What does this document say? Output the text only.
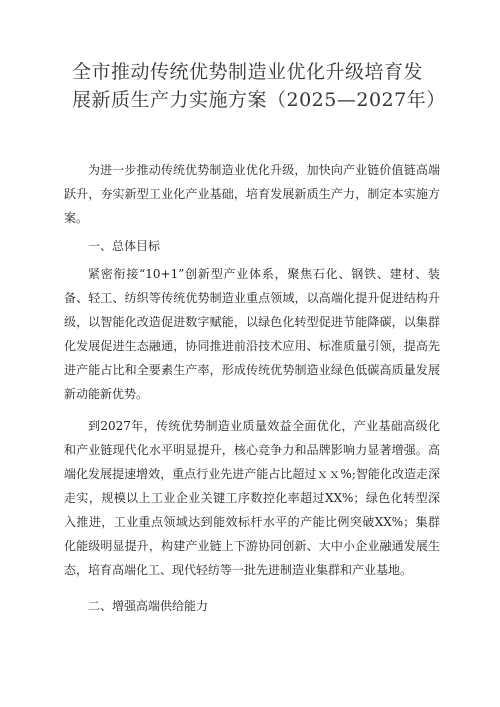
全市推动传统优势制造业优化升级培育发展新质生产力实施方案（2025—2027年）

为进一步推动传统优势制造业优化升级，加快向产业链价值链高端跃升，夯实新型工业化产业基础，培育发展新质生产力，制定本实施方案。

一、总体目标

紧密衔接“10+1”创新型产业体系，聚焦石化、钢铁、建材、装备、轻工、纺织等传统优势制造业重点领域，以高端化提升促进结构升级，以智能化改造促进数字赋能，以绿色化转型促进节能降碳，以集群化发展促进生态融通，协同推进前沿技术应用、标准质量引领，提高先进产能占比和全要素生产率，形成传统优势制造业绿色低碳高质量发展新动能新优势。

到2027年，传统优势制造业质量效益全面优化，产业基础高级化和产业链现代化水平明显提升，核心竞争力和品牌影响力显著增强。高端化发展提速增效，重点行业先进产能占比超过ｘｘ%;智能化改造走深走实，规模以上工业企业关键工序数控化率超过XX%；绿色化转型深入推进，工业重点领域达到能效标杆水平的产能比例突破XX%；集群化能级明显提升，构建产业链上下游协同创新、大中小企业融通发展生态，培育高端化工、现代轻纺等一批先进制造业集群和产业基地。

二、增强高端供给能力
